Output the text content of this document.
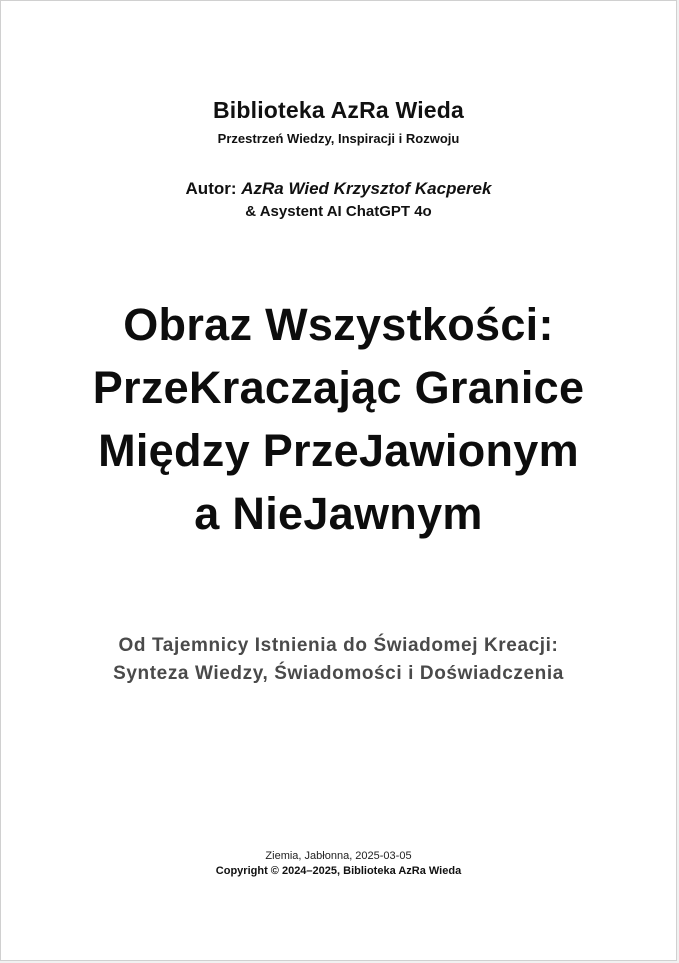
Biblioteka AzRa Wieda
Przestrzeń Wiedzy, Inspiracji i Rozwoju
Autor: AzRa Wied Krzysztof Kacperek
& Asystent AI ChatGPT 4o
Obraz Wszystkości:
PrzeKraczając Granice
Między PrzeJawionym
a NieJawnym
Od Tajemnicy Istnienia do Świadomej Kreacji:
Synteza Wiedzy, Świadomości i Doświadczenia
Ziemia, Jabłonna, 2025-03-05
Copyright © 2024–2025, Biblioteka AzRa Wieda
